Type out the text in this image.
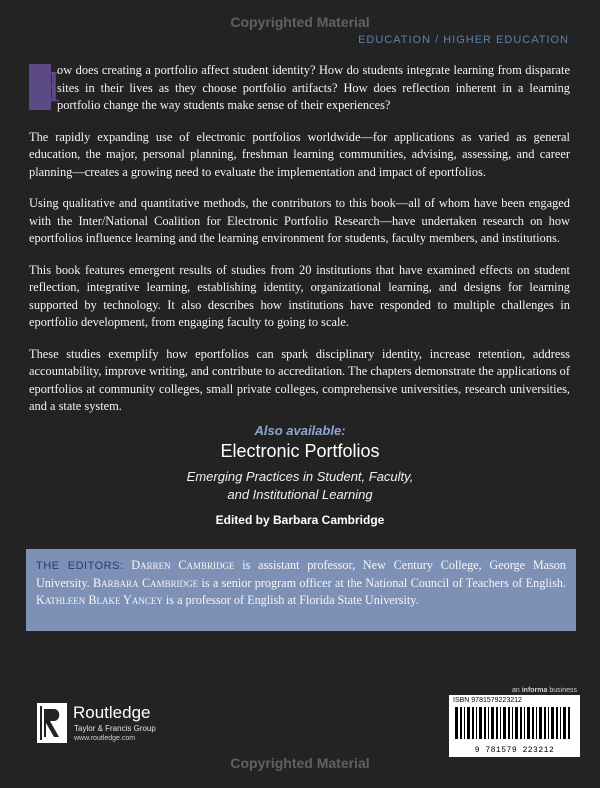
Copyrighted Material
EDUCATION / HIGHER EDUCATION

H
ow does creating a portfolio affect student identity? How do students integrate learning from disparate sites in their lives as they choose portfolio artifacts? How does reflection inherent in a learning portfolio change the way students make sense of their experiences?

The rapidly expanding use of electronic portfolios worldwide—for applications as varied as general education, the major, personal planning, freshman learning communities, advising, assessing, and career planning—creates a growing need to evaluate the implementation and impact of eportfolios.

Using qualitative and quantitative methods, the contributors to this book—all of whom have been engaged with the Inter/National Coalition for Electronic Portfolio Research—have undertaken research on how eportfolios influence learning and the learning environment for students, faculty members, and institutions.

This book features emergent results of studies from 20 institutions that have examined effects on student reflection, integrative learning, establishing identity, organizational learning, and designs for learning supported by technology. It also describes how institutions have responded to multiple challenges in eportfolio development, from engaging faculty to going to scale.

These studies exemplify how eportfolios can spark disciplinary identity, increase retention, address accountability, improve writing, and contribute to accreditation. The chapters demonstrate the applications of eportfolios at community colleges, small private colleges, comprehensive universities, research universities, and a state system.

Also available:
Electronic Portfolios
Emerging Practices in Student, Faculty,
and Institutional Learning
Edited by Barbara Cambridge

THE EDITORS: Darren Cambridge is assistant professor, New Century College, George Mason University. Barbara Cambridge is a senior program officer at the National Council of Teachers of English. Kathleen Blake Yancey is a professor of English at Florida State University.

an informa business
ISBN 9781579223212
9 781579 223212
Routledge
Taylor & Francis Group
www.routledge.com
Copyrighted Material
